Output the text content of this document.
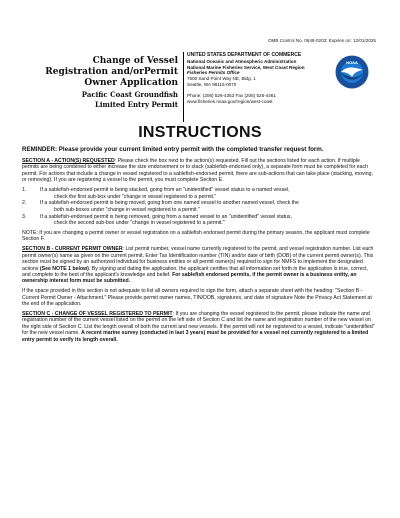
OMB Control No. 0648-0203; Expires on: 12/01/2025
Change of Vessel
Registration and/orPermit
Owner Application
Pacific Coast Groundfish
Limited Entry Permit
UNITED STATES DEPARTMENT OF COMMERCE
National Oceanic and Atmospheric Administration
National Marine Fisheries Service, West Coast Region
Fisheries Permits Office
7600 Sand Point Way NE, Bldg. 1
Seattle, WA 98115-0070
Phone: (206) 526-4353 Fax (206) 526-4461
www.fisheries.noaa.gov/region/west-coast
NOAA
INSTRUCTIONS

REMINDER: Please provide your current limited entry permit with the completed transfer request form.

SECTION A - ACTION(S) REQUESTED: Please check the box next to the action(s) requested. Fill out the sections listed for each action. If multiple permits are being combined to either increase the size endorsement or to stack (sablefish-endorsed only), a separate form must be completed for each permit. For actions that include a change in vessel registered to a sablefish-endorsed permit, there are sub-actions that can take place (stacking, moving, or removing). If you are registering a vessel to the permit, you must complete Section E.

1.	If a sablefish-endorsed permit is being stacked, going from an "unidentified" vessel status to a named vessel,
check the first sub-box under "change in vessel registered to a permit."
2.	If a sablefish-endorsed permit is being moved, going from one named vessel to another named vessel, check the
both sub-boxes under "change in vessel registered to a permit."
3.	If a sablefish-endorsed permit is being removed, going from a named vessel to an "unidentified" vessel status,
check the second sub-box under "change in vessel registered to a permit."

NOTE: If you are changing a permit owner or vessel registration on a sablefish endorsed permit during the primary season, the applicant must complete Section F.

SECTION B - CURRENT PERMIT OWNER: List permit number, vessel name currently registered to the permit, and vessel registration number. List each permit owner(s) name as given on the current permit. Enter Tax Identification number (TIN) and/or date of birth (DOB) of the current permit owner(s). This section must be signed by an authorized individual for business entities or all permit owner(s) required to sign for NMFS to implement the designated actions (See NOTE 1 below). By signing and dating the application, the applicant certifies that all information set forth in the application is true, correct, and complete to the best of the applicant's knowledge and belief. For sablefish endorsed permits, if the permit owner is a business entity, an ownership interest form must be submitted.

If the space provided in this section is not adequate to list all owners required to sign the form, attach a separate sheet with the heading: "Section B - Current Permit Owner - Attachment." Please provide permit owner names, TIN/DOB, signatures, and date of signature Note the Privacy Act Statement at the end of the application.

SECTION C - CHANGE OF VESSEL REGISTERED TO PERMIT: If you are changing the vessel registered to the permit, please indicate the name and registration number of the current vessel listed on the permit on the left side of Section C and list the name and registration number of the new vessel on the right side of Section C. List the length overall of both the current and new vessels. If the permit will not be registered to a vessel, indicate "unidentified" for the new vessel name. A recent marine survey (conducted in last 3 years) must be provided for a vessel not currently registered to a limited entry permit to verify its length overall.
